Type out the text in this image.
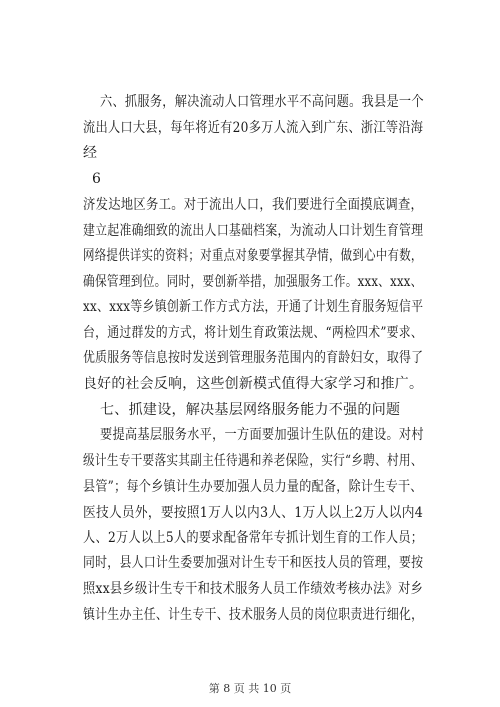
六、抓服务，解决流动人口管理水平不高问题。我县是一个
流出人口大县，每年将近有20多万人流入到广东、浙江等沿海
经
6
济发达地区务工。对于流出人口，我们要进行全面摸底调查，
建立起准确细致的流出人口基础档案，为流动人口计划生育管理
网络提供详实的资料；对重点对象要掌握其孕情，做到心中有数，
确保管理到位。同时，要创新举措，加强服务工作。xxx、xxx、
xx、xxx等乡镇创新工作方式方法，开通了计划生育服务短信平
台，通过群发的方式，将计划生育政策法规、“两检四术”要求、
优质服务等信息按时发送到管理服务范围内的育龄妇女，取得了
良好的社会反响，这些创新模式值得大家学习和推广。
七、抓建设，解决基层网络服务能力不强的问题
要提高基层服务水平，一方面要加强计生队伍的建设。对村
级计生专干要落实其副主任待遇和养老保险，实行“乡聘、村用、
县管”；每个乡镇计生办要加强人员力量的配备，除计生专干、
医技人员外，要按照1万人以内3人、1万人以上2万人以内4
人、2万人以上5人的要求配备常年专抓计划生育的工作人员；
同时，县人口计生委要加强对计生专干和医技人员的管理，要按
照xx县乡级计生专干和技术服务人员工作绩效考核办法》对乡
镇计生办主任、计生专干、技术服务人员的岗位职责进行细化，
第 8 页 共 10 页
